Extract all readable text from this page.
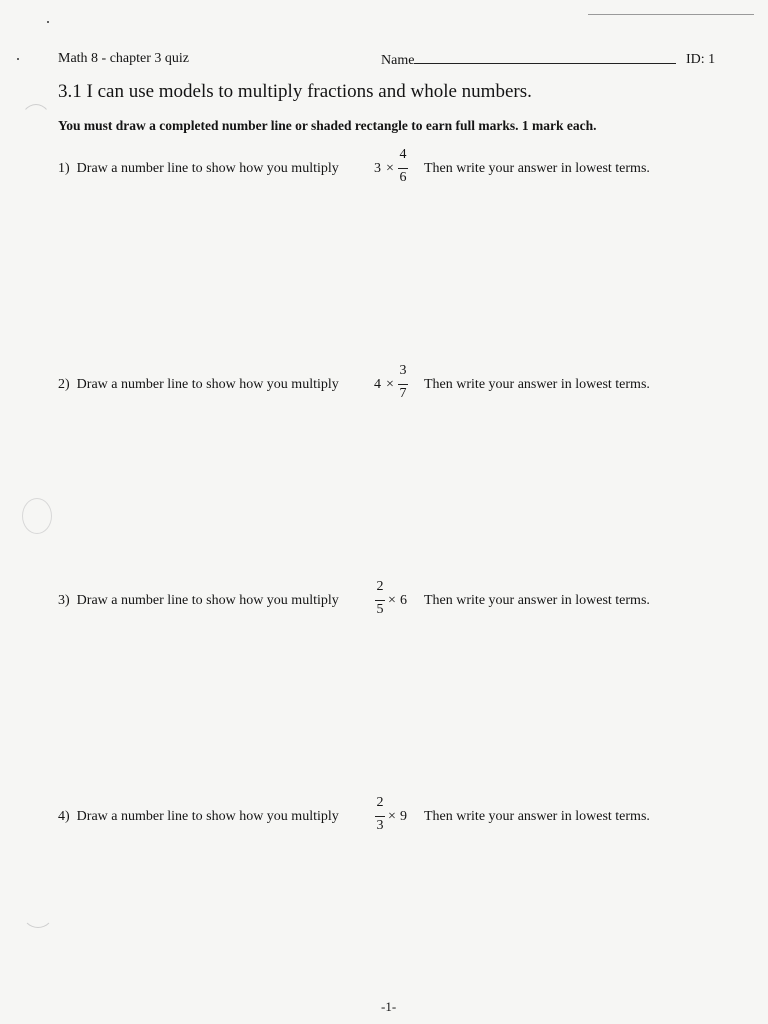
Math 8 - chapter 3 quiz	Name	ID: 1
3.1 I can use models to multiply fractions and whole numbers.
You must draw a completed number line or shaded rectangle to earn full marks. 1 mark each.
1) Draw a number line to show how you multiply	3 ×
4
6
Then write your answer in lowest terms.
2) Draw a number line to show how you multiply	4 ×
3
7
Then write your answer in lowest terms.
3) Draw a number line to show how you multiply
2
5
× 6 Then write your answer in lowest terms.
4) Draw a number line to show how you multiply
2
3
× 9 Then write your answer in lowest terms.
-1-
